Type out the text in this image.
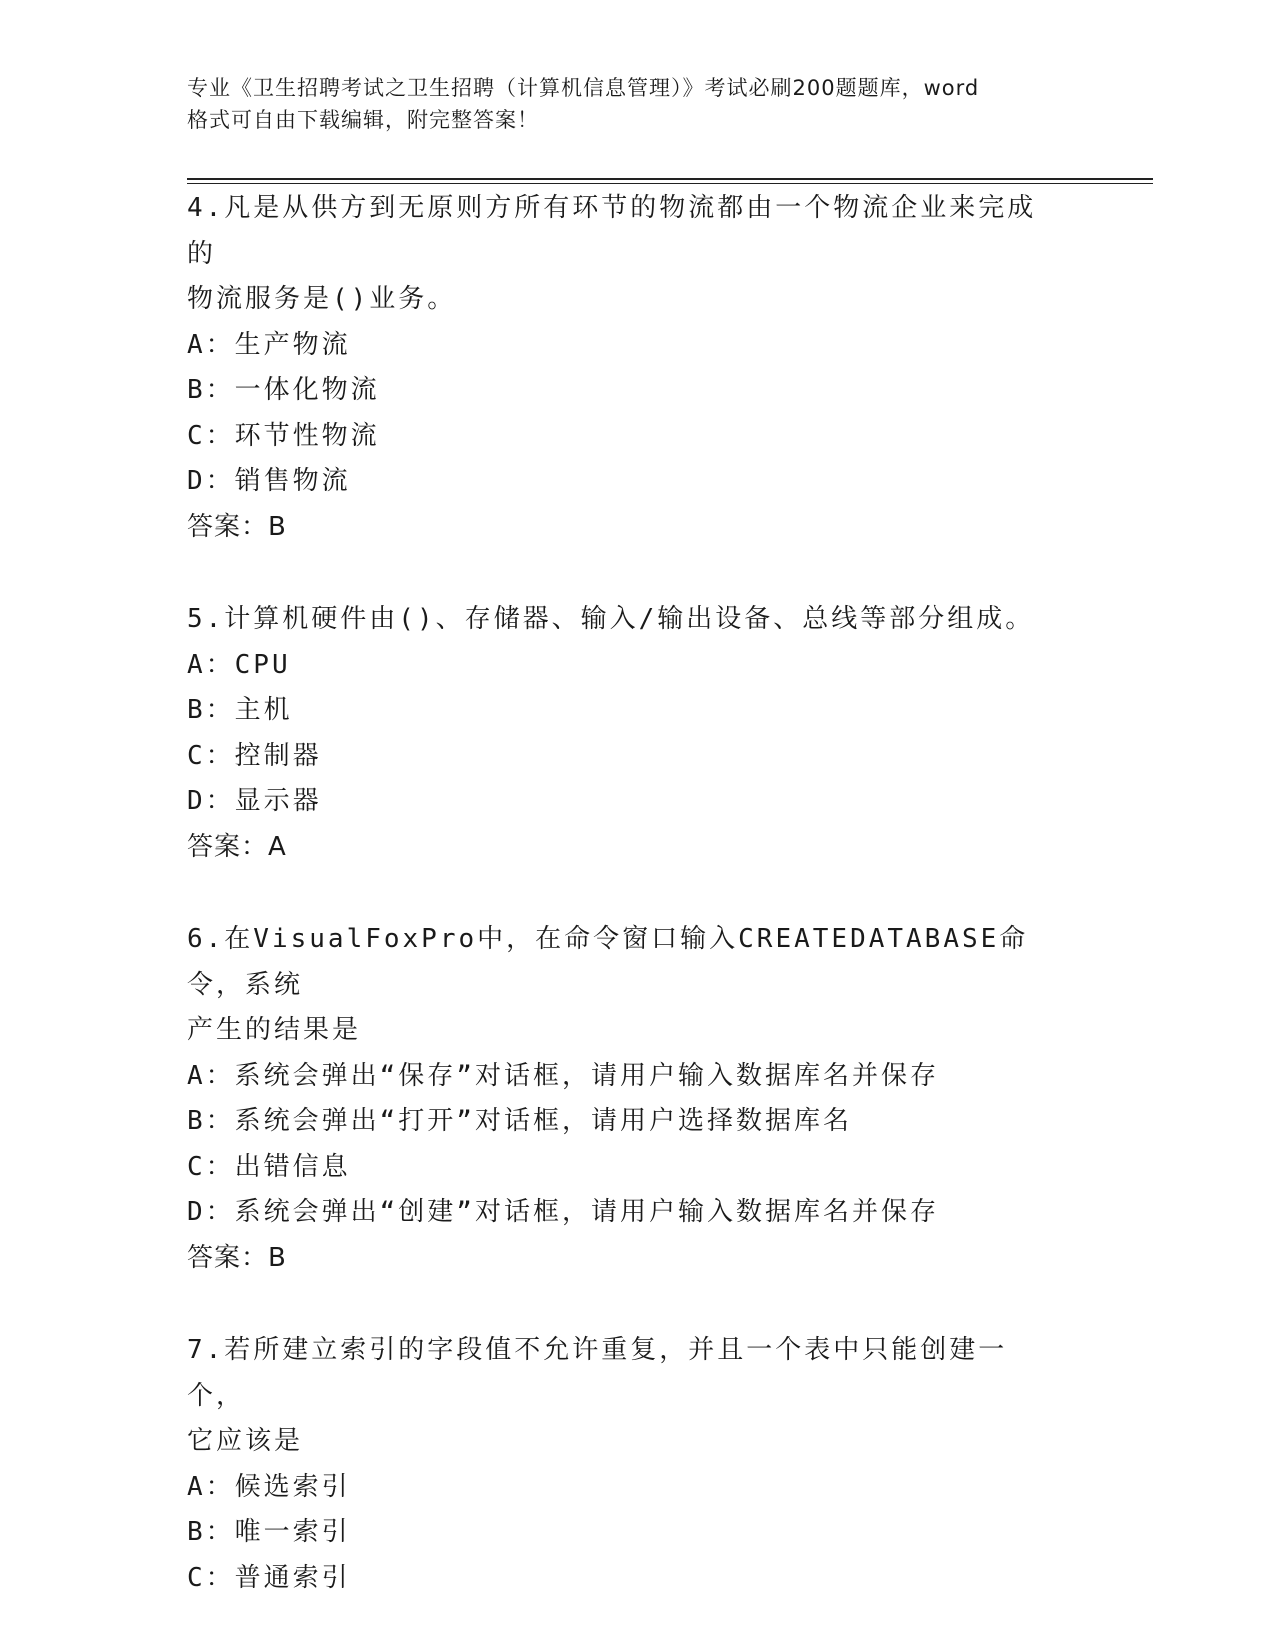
专业《卫生招聘考试之卫生招聘（计算机信息管理）》考试必刷200题题库，word
格式可自由下载编辑，附完整答案！
4.凡是从供方到无原则方所有环节的物流都由一个物流企业来完成的
物流服务是()业务。
A：生产物流
B：一体化物流
C：环节性物流
D：销售物流
答案：B
5.计算机硬件由()、存储器、输入/输出设备、总线等部分组成。
A：CPU
B：主机
C：控制器
D：显示器
答案：A
6.在VisualFoxPro中，在命令窗口输入CREATEDATABASE命令，系统
产生的结果是
A：系统会弹出“保存”对话框，请用户输入数据库名并保存
B：系统会弹出“打开”对话框，请用户选择数据库名
C：出错信息
D：系统会弹出“创建”对话框，请用户输入数据库名并保存
答案：B
7.若所建立索引的字段值不允许重复，并且一个表中只能创建一个，
它应该是
A：候选索引
B：唯一索引
C：普通索引
